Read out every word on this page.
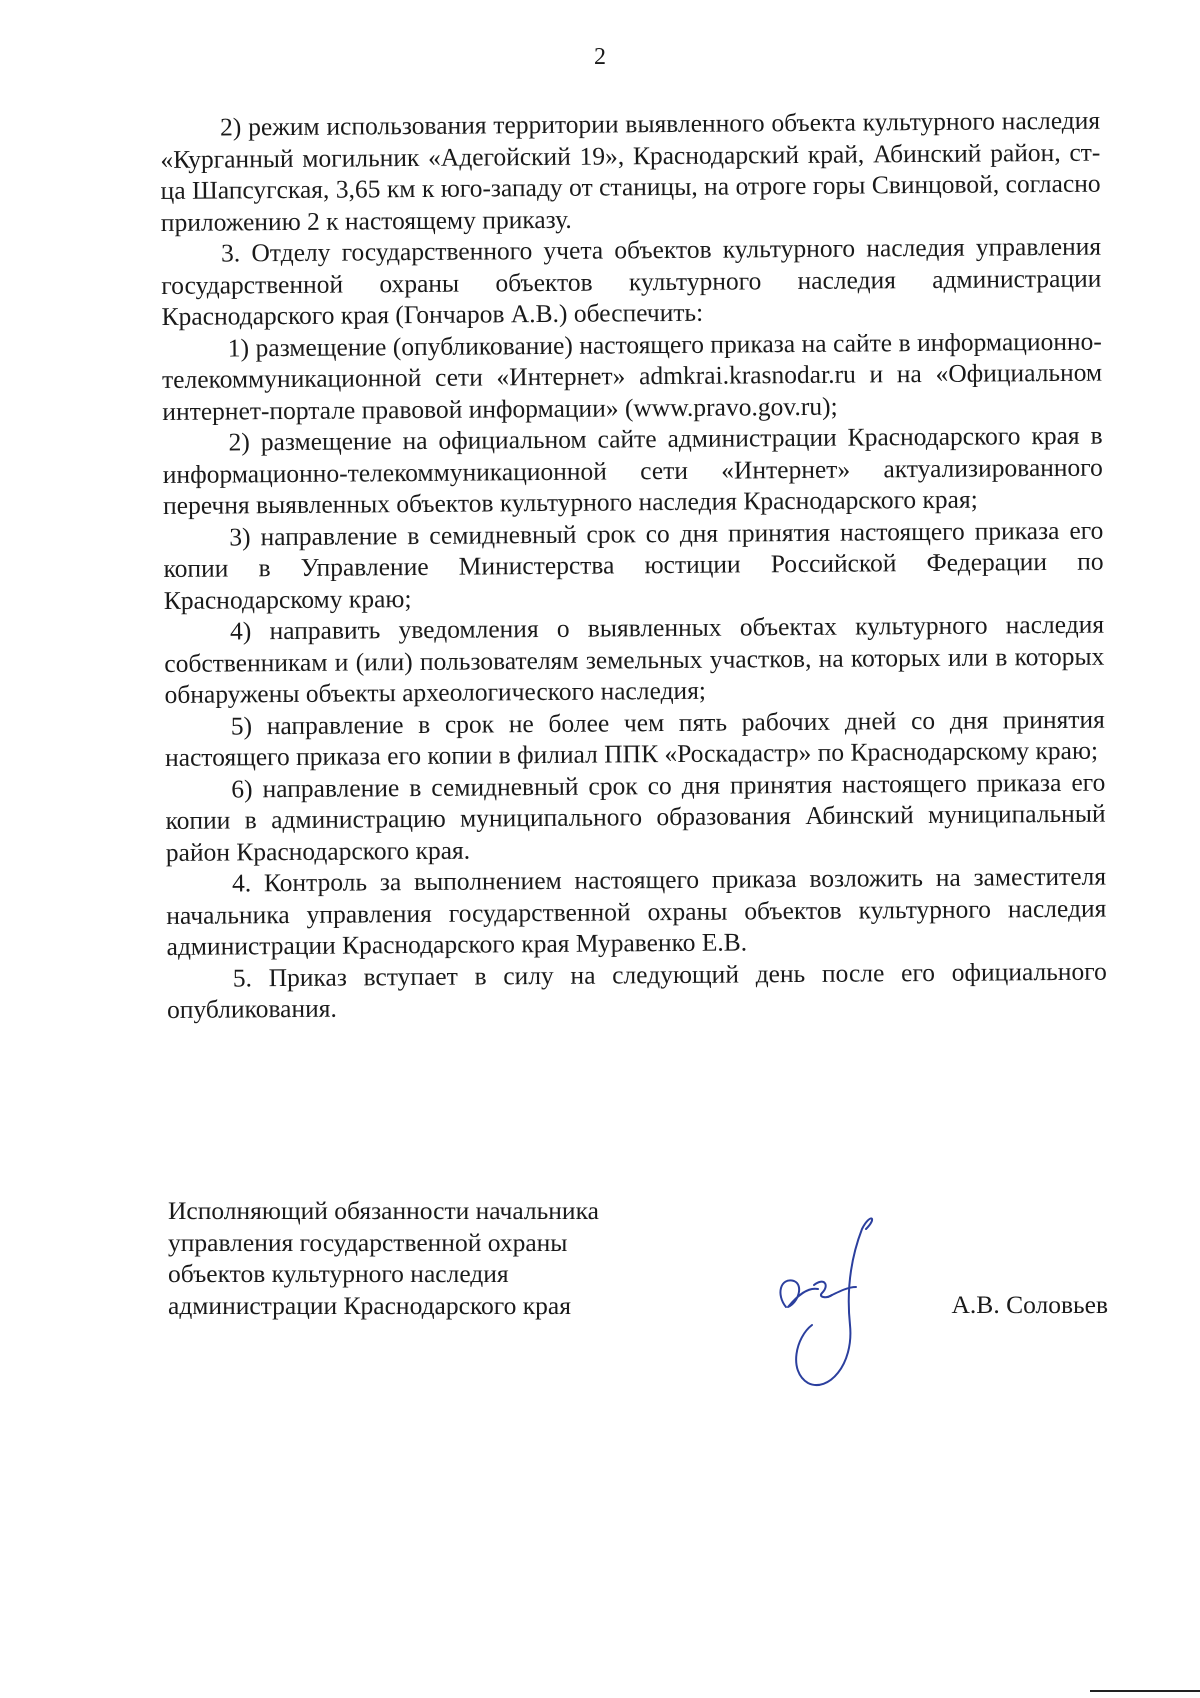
2

2) режим использования территории выявленного объекта культурного наследия «Курганный могильник «Адегойский 19», Краснодарский край, Абинский район, ст-ца Шапсугская, 3,65 км к юго-западу от станицы, на отроге горы Свинцовой, согласно приложению 2 к настоящему приказу.

3. Отделу государственного учета объектов культурного наследия управления государственной охраны объектов культурного наследия администрации Краснодарского края (Гончаров А.В.) обеспечить:

1) размещение (опубликование) настоящего приказа на сайте в информационно-телекоммуникационной сети «Интернет» admkrai.krasnodar.ru и на «Официальном интернет-портале правовой информации» (www.pravo.gov.ru);

2) размещение на официальном сайте администрации Краснодарского края в информационно-телекоммуникационной сети «Интернет» актуализированного перечня выявленных объектов культурного наследия Краснодарского края;

3) направление в семидневный срок со дня принятия настоящего приказа его копии в Управление Министерства юстиции Российской Федерации по Краснодарскому краю;

4) направить уведомления о выявленных объектах культурного наследия собственникам и (или) пользователям земельных участков, на которых или в которых обнаружены объекты археологического наследия;

5) направление в срок не более чем пять рабочих дней со дня принятия настоящего приказа его копии в филиал ППК «Роскадастр» по Краснодарскому краю;

6) направление в семидневный срок со дня принятия настоящего приказа его копии в администрацию муниципального образования Абинский муниципальный район Краснодарского края.

4. Контроль за выполнением настоящего приказа возложить на заместителя начальника управления государственной охраны объектов культурного наследия администрации Краснодарского края Муравенко Е.В.

5. Приказ вступает в силу на следующий день после его официального опубликования.

Исполняющий обязанности начальника
управления государственной охраны
объектов культурного наследия
администрации Краснодарского края	А.В. Соловьев
